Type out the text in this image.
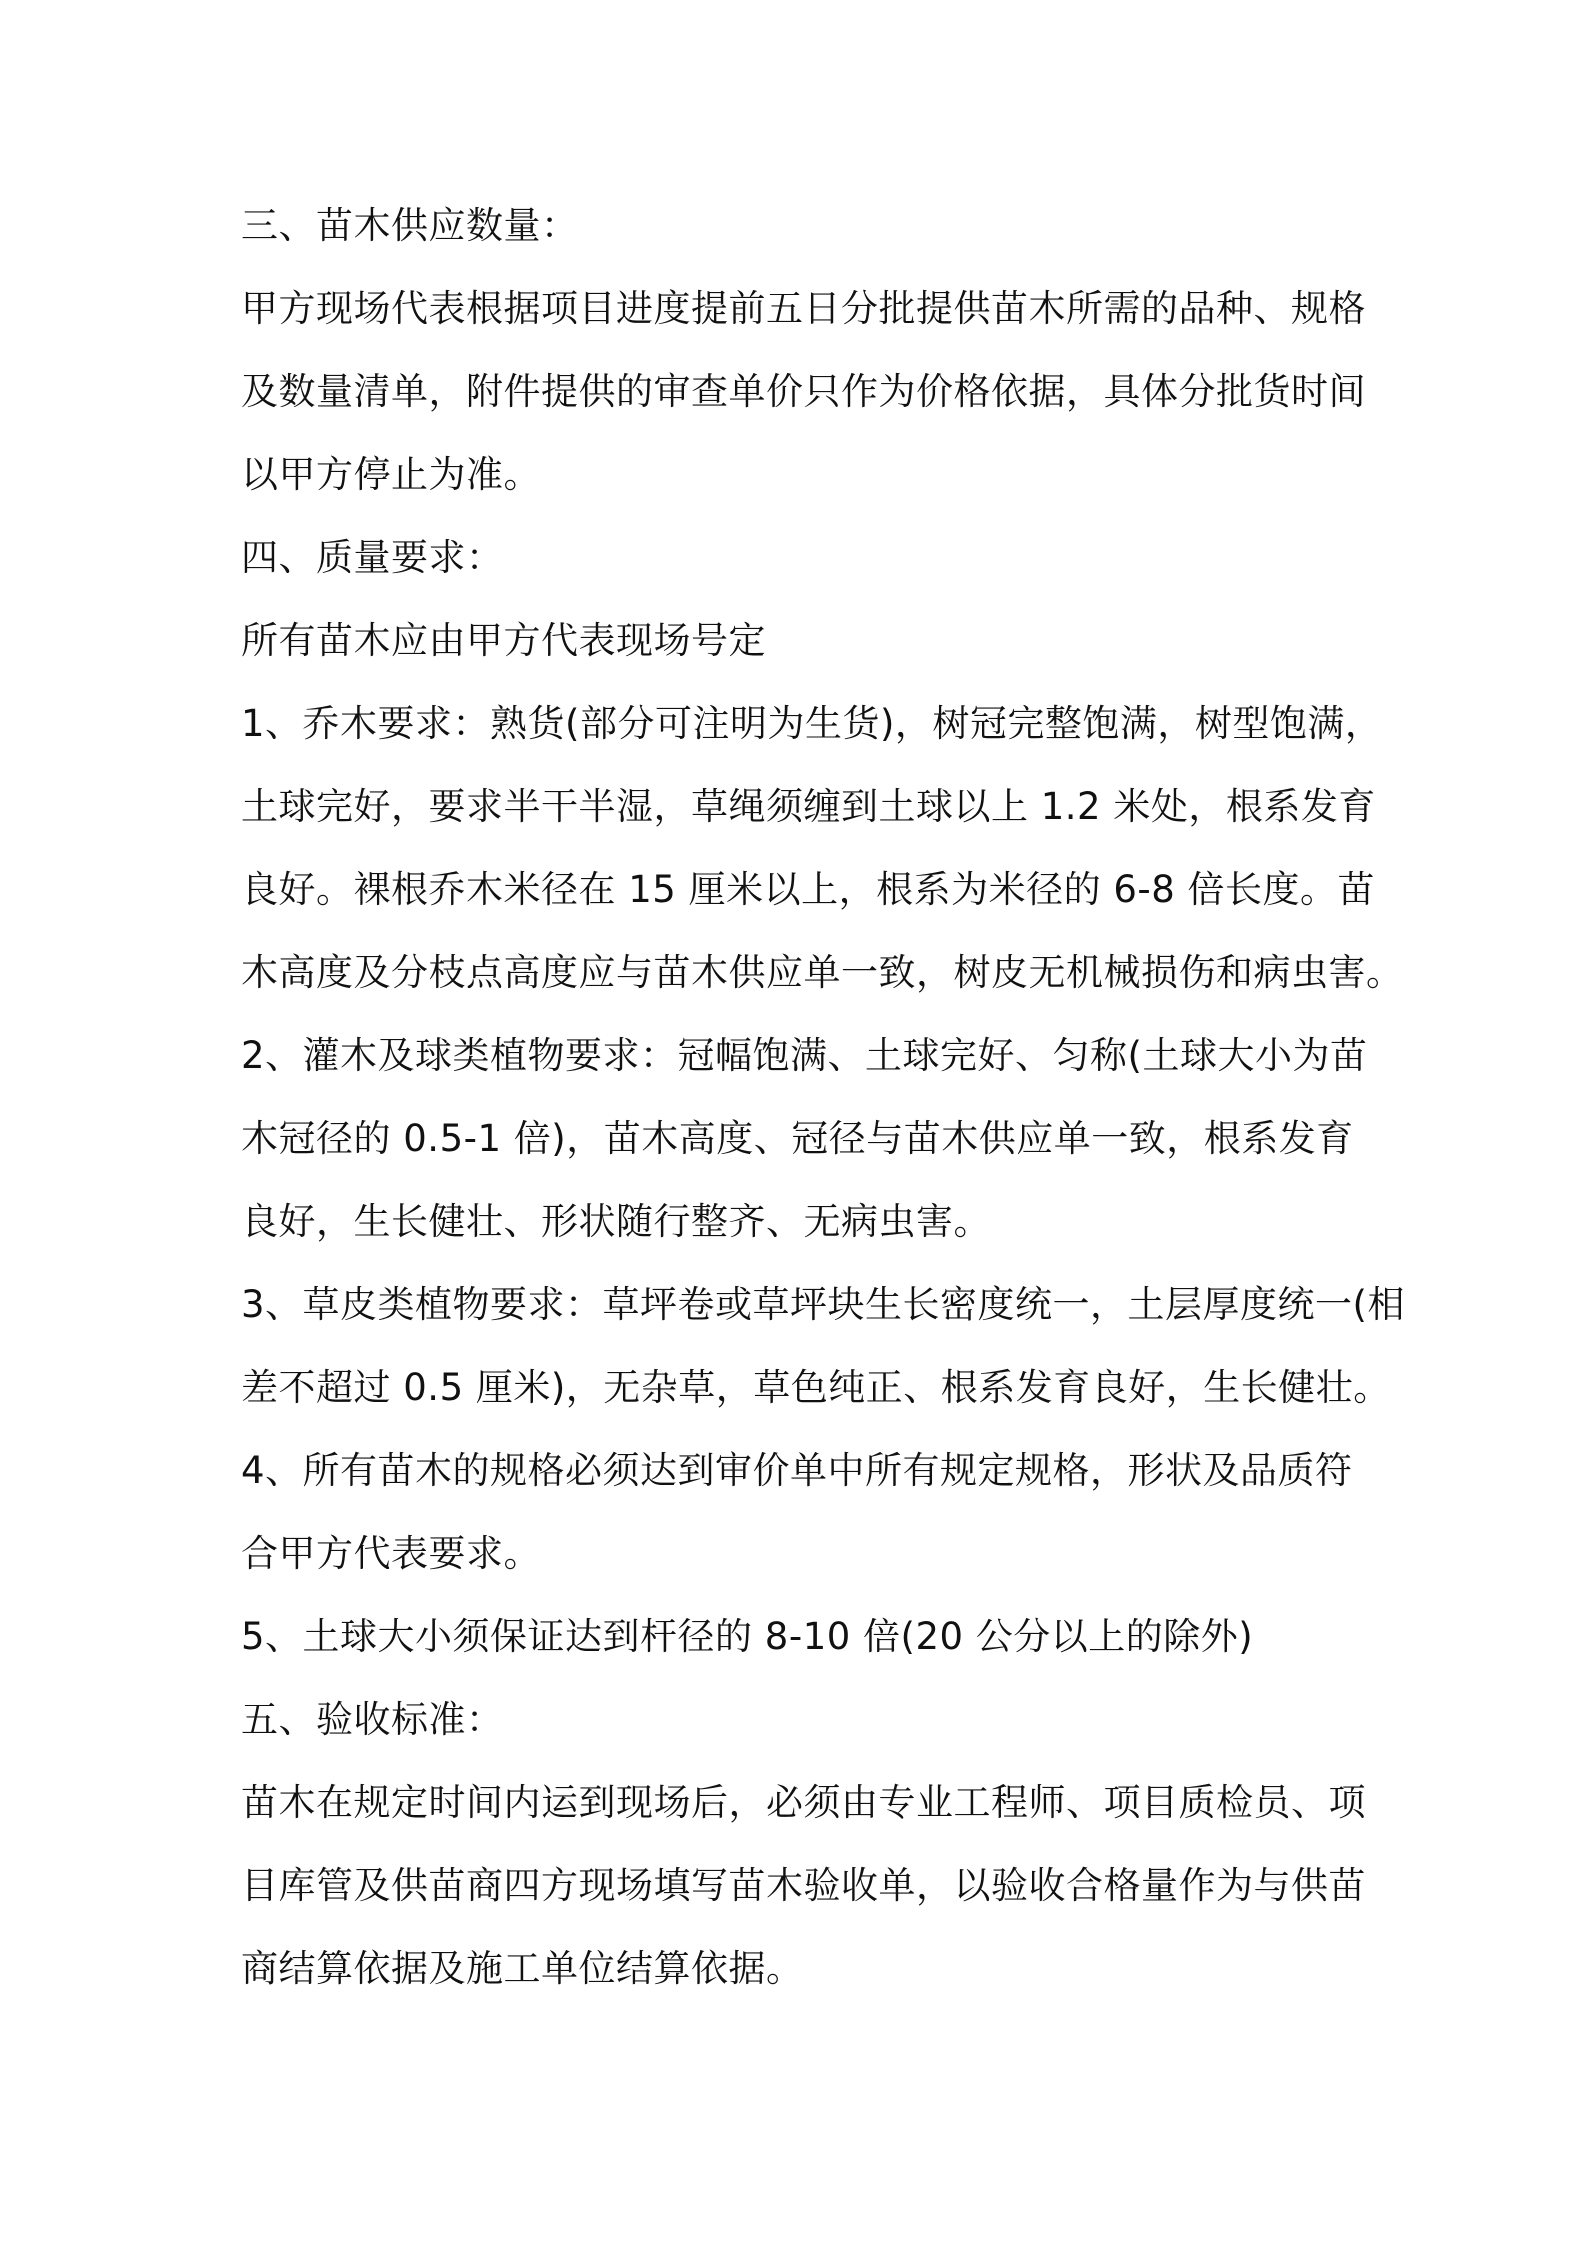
三、苗木供应数量：
甲方现场代表根据项目进度提前五日分批提供苗木所需的品种、规格
及数量清单，附件提供的审查单价只作为价格依据，具体分批货时间
以甲方停止为准。
四、质量要求：
所有苗木应由甲方代表现场号定
1、乔木要求：熟货(部分可注明为生货)，树冠完整饱满，树型饱满，
土球完好，要求半干半湿，草绳须缠到土球以上 1.2 米处，根系发育
良好。裸根乔木米径在 15 厘米以上，根系为米径的 6-8 倍长度。苗
木高度及分枝点高度应与苗木供应单一致，树皮无机械损伤和病虫害。
2、灌木及球类植物要求：冠幅饱满、土球完好、匀称(土球大小为苗
木冠径的 0.5-1 倍)，苗木高度、冠径与苗木供应单一致，根系发育
良好，生长健壮、形状随行整齐、无病虫害。
3、草皮类植物要求：草坪卷或草坪块生长密度统一，土层厚度统一(相
差不超过 0.5 厘米)，无杂草，草色纯正、根系发育良好，生长健壮。
4、所有苗木的规格必须达到审价单中所有规定规格，形状及品质符
合甲方代表要求。
5、土球大小须保证达到杆径的 8-10 倍(20 公分以上的除外)
五、验收标准：
苗木在规定时间内运到现场后，必须由专业工程师、项目质检员、项
目库管及供苗商四方现场填写苗木验收单，以验收合格量作为与供苗
商结算依据及施工单位结算依据。
